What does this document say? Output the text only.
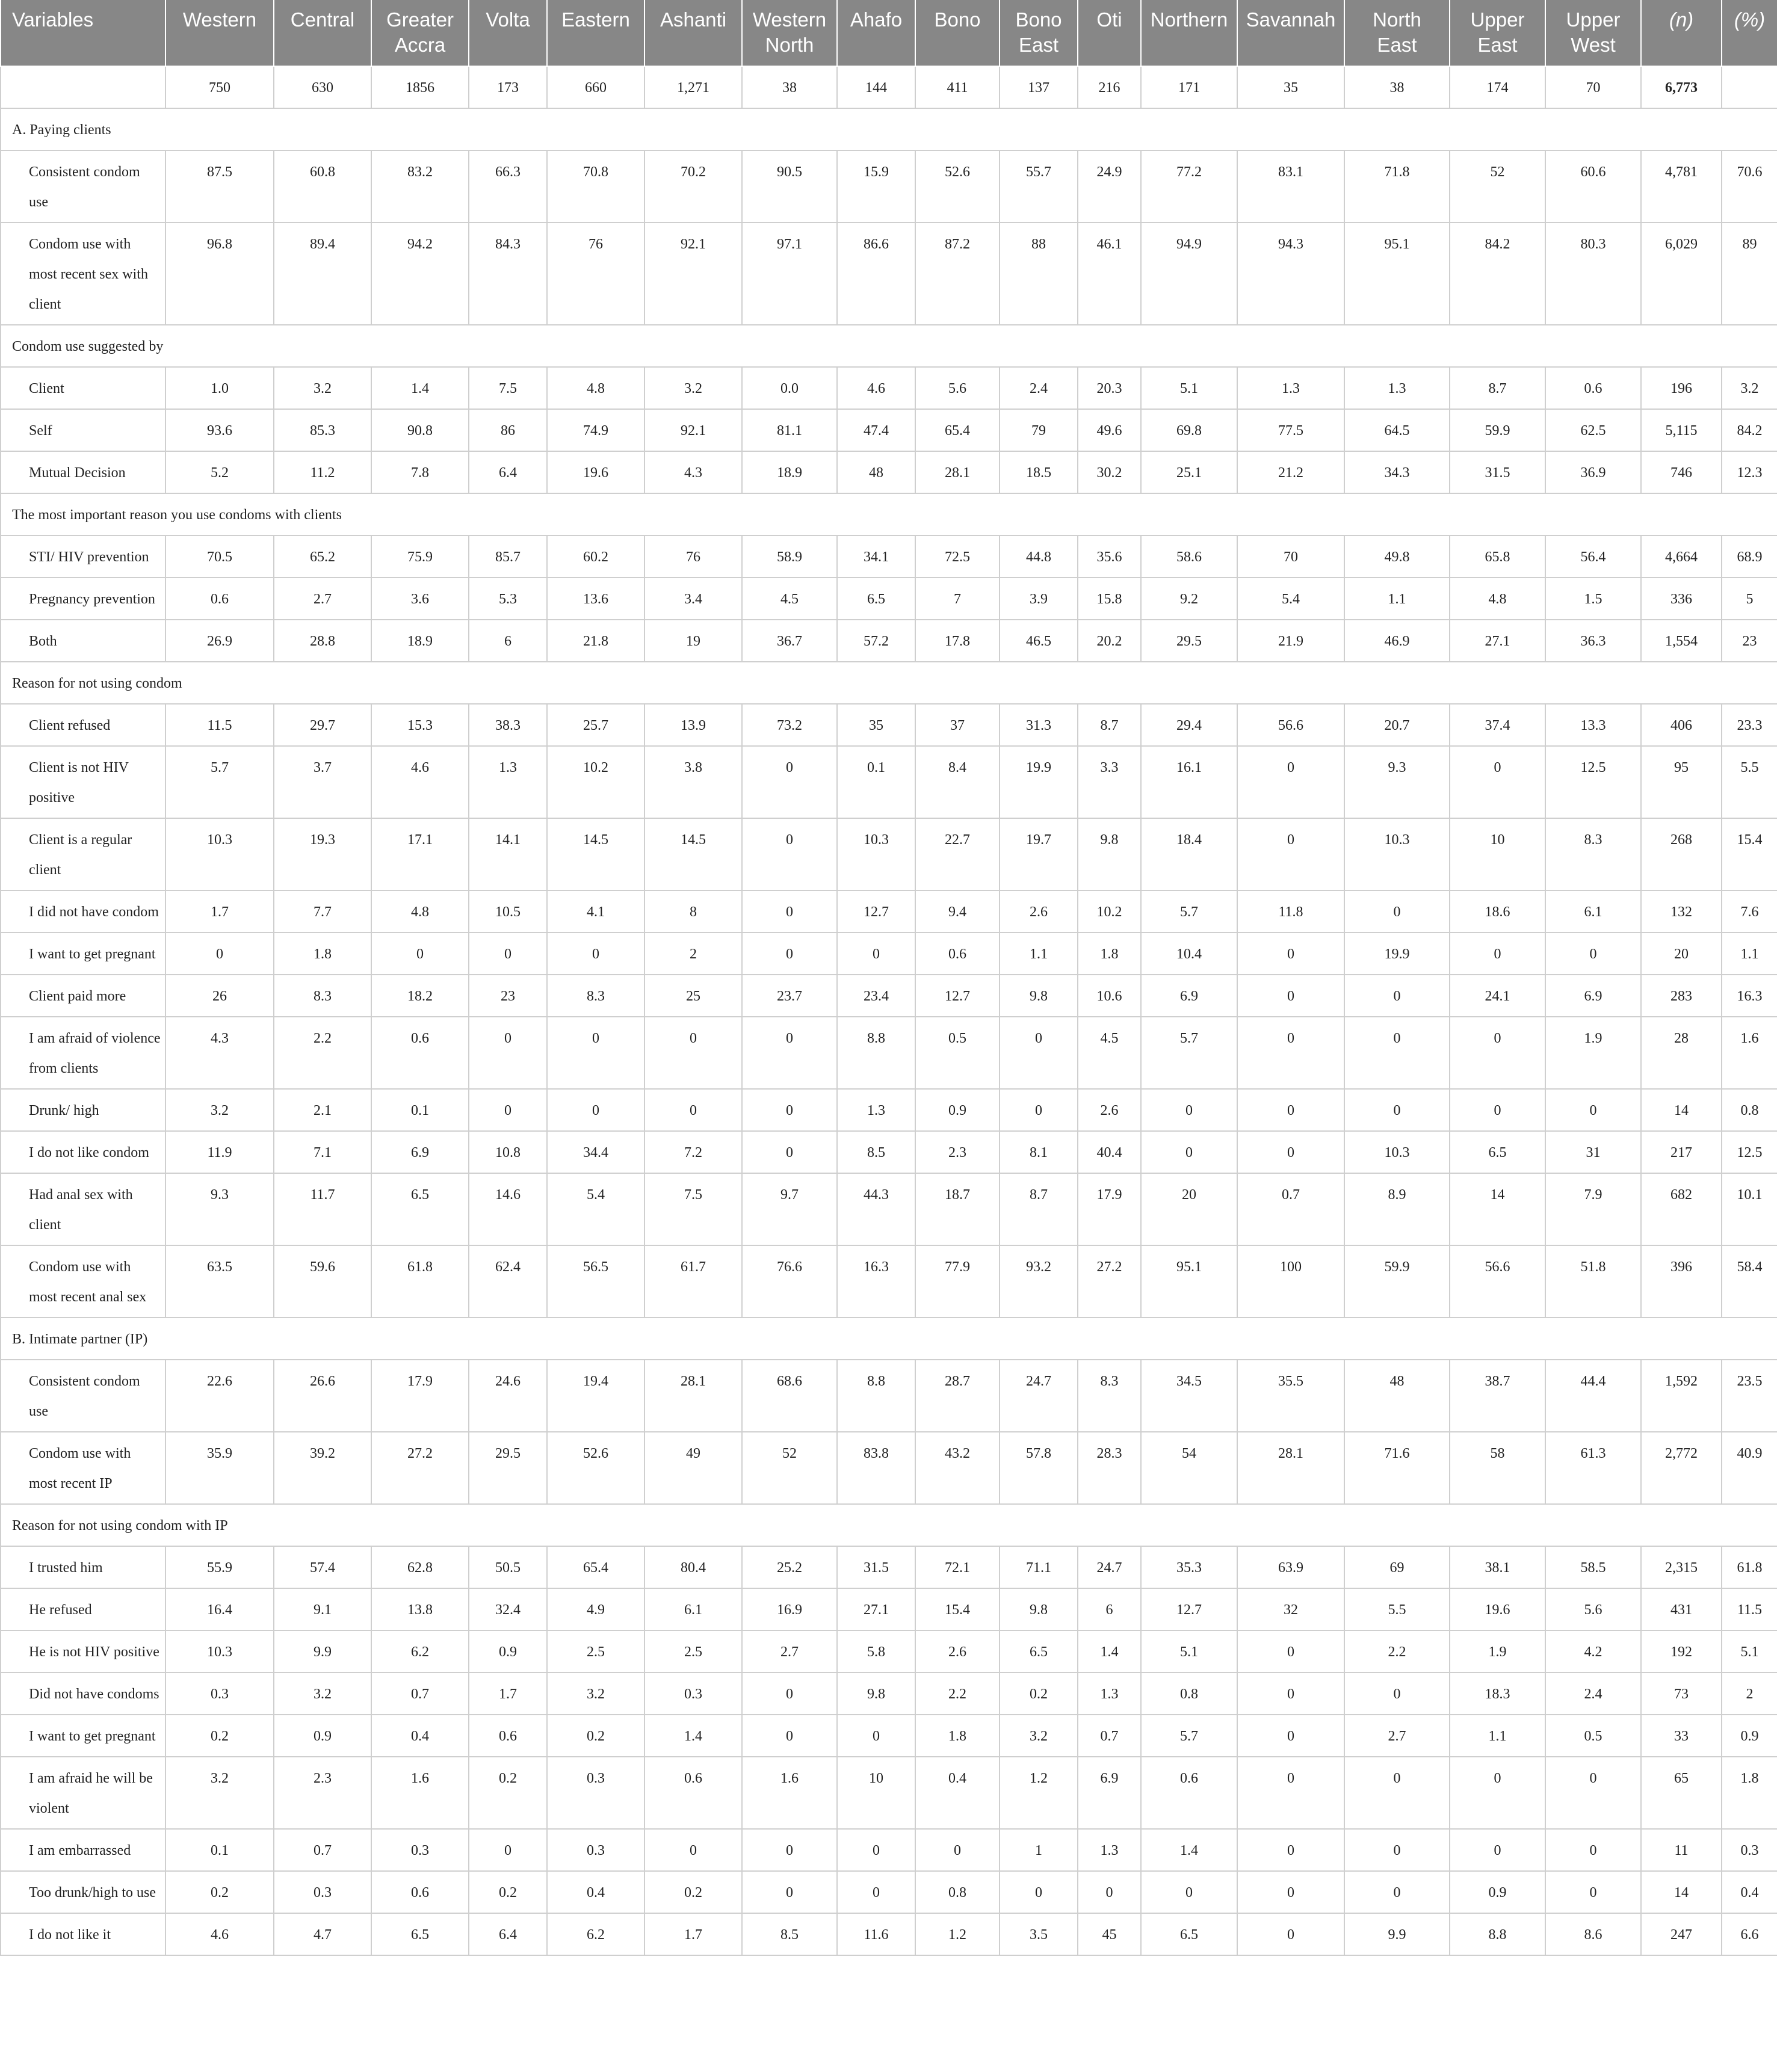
Variables	Western	Central	Greater Accra	Volta	Eastern	Ashanti	Western North	Ahafo	Bono	Bono East	Oti	Northern	Savannah	North East	Upper East	Upper West	(n)	(%)
	750	630	1856	173	660	1,271	38	144	411	137	216	171	35	38	174	70	6,773	
A. Paying clients																		
Consistent condom use	87.5	60.8	83.2	66.3	70.8	70.2	90.5	15.9	52.6	55.7	24.9	77.2	83.1	71.8	52	60.6	4,781	70.6
Condom use with most recent sex with client	96.8	89.4	94.2	84.3	76	92.1	97.1	86.6	87.2	88	46.1	94.9	94.3	95.1	84.2	80.3	6,029	89
Condom use suggested by																		
Client	1.0	3.2	1.4	7.5	4.8	3.2	0.0	4.6	5.6	2.4	20.3	5.1	1.3	1.3	8.7	0.6	196	3.2
Self	93.6	85.3	90.8	86	74.9	92.1	81.1	47.4	65.4	79	49.6	69.8	77.5	64.5	59.9	62.5	5,115	84.2
Mutual Decision	5.2	11.2	7.8	6.4	19.6	4.3	18.9	48	28.1	18.5	30.2	25.1	21.2	34.3	31.5	36.9	746	12.3
The most important reason you use condoms with clients																		
STI/ HIV prevention	70.5	65.2	75.9	85.7	60.2	76	58.9	34.1	72.5	44.8	35.6	58.6	70	49.8	65.8	56.4	4,664	68.9
Pregnancy prevention	0.6	2.7	3.6	5.3	13.6	3.4	4.5	6.5	7	3.9	15.8	9.2	5.4	1.1	4.8	1.5	336	5
Both	26.9	28.8	18.9	6	21.8	19	36.7	57.2	17.8	46.5	20.2	29.5	21.9	46.9	27.1	36.3	1,554	23
Reason for not using condom																		
Client refused	11.5	29.7	15.3	38.3	25.7	13.9	73.2	35	37	31.3	8.7	29.4	56.6	20.7	37.4	13.3	406	23.3
Client is not HIV positive	5.7	3.7	4.6	1.3	10.2	3.8	0	0.1	8.4	19.9	3.3	16.1	0	9.3	0	12.5	95	5.5
Client is a regular client	10.3	19.3	17.1	14.1	14.5	14.5	0	10.3	22.7	19.7	9.8	18.4	0	10.3	10	8.3	268	15.4
I did not have condom	1.7	7.7	4.8	10.5	4.1	8	0	12.7	9.4	2.6	10.2	5.7	11.8	0	18.6	6.1	132	7.6
I want to get pregnant	0	1.8	0	0	0	2	0	0	0.6	1.1	1.8	10.4	0	19.9	0	0	20	1.1
Client paid more	26	8.3	18.2	23	8.3	25	23.7	23.4	12.7	9.8	10.6	6.9	0	0	24.1	6.9	283	16.3
I am afraid of violence from clients	4.3	2.2	0.6	0	0	0	0	8.8	0.5	0	4.5	5.7	0	0	0	1.9	28	1.6
Drunk/ high	3.2	2.1	0.1	0	0	0	0	1.3	0.9	0	2.6	0	0	0	0	0	14	0.8
I do not like condom	11.9	7.1	6.9	10.8	34.4	7.2	0	8.5	2.3	8.1	40.4	0	0	10.3	6.5	31	217	12.5
Had anal sex with client	9.3	11.7	6.5	14.6	5.4	7.5	9.7	44.3	18.7	8.7	17.9	20	0.7	8.9	14	7.9	682	10.1
Condom use with most recent anal sex	63.5	59.6	61.8	62.4	56.5	61.7	76.6	16.3	77.9	93.2	27.2	95.1	100	59.9	56.6	51.8	396	58.4
B. Intimate partner (IP)																		
Consistent condom use	22.6	26.6	17.9	24.6	19.4	28.1	68.6	8.8	28.7	24.7	8.3	34.5	35.5	48	38.7	44.4	1,592	23.5
Condom use with most recent IP	35.9	39.2	27.2	29.5	52.6	49	52	83.8	43.2	57.8	28.3	54	28.1	71.6	58	61.3	2,772	40.9
Reason for not using condom with IP																		
I trusted him	55.9	57.4	62.8	50.5	65.4	80.4	25.2	31.5	72.1	71.1	24.7	35.3	63.9	69	38.1	58.5	2,315	61.8
He refused	16.4	9.1	13.8	32.4	4.9	6.1	16.9	27.1	15.4	9.8	6	12.7	32	5.5	19.6	5.6	431	11.5
He is not HIV positive	10.3	9.9	6.2	0.9	2.5	2.5	2.7	5.8	2.6	6.5	1.4	5.1	0	2.2	1.9	4.2	192	5.1
Did not have condoms	0.3	3.2	0.7	1.7	3.2	0.3	0	9.8	2.2	0.2	1.3	0.8	0	0	18.3	2.4	73	2
I want to get pregnant	0.2	0.9	0.4	0.6	0.2	1.4	0	0	1.8	3.2	0.7	5.7	0	2.7	1.1	0.5	33	0.9
I am afraid he will be violent	3.2	2.3	1.6	0.2	0.3	0.6	1.6	10	0.4	1.2	6.9	0.6	0	0	0	0	65	1.8
I am embarrassed	0.1	0.7	0.3	0	0.3	0	0	0	0	1	1.3	1.4	0	0	0	0	11	0.3
Too drunk/high to use	0.2	0.3	0.6	0.2	0.4	0.2	0	0	0.8	0	0	0	0	0	0.9	0	14	0.4
I do not like it	4.6	4.7	6.5	6.4	6.2	1.7	8.5	11.6	1.2	3.5	45	6.5	0	9.9	8.8	8.6	247	6.6
